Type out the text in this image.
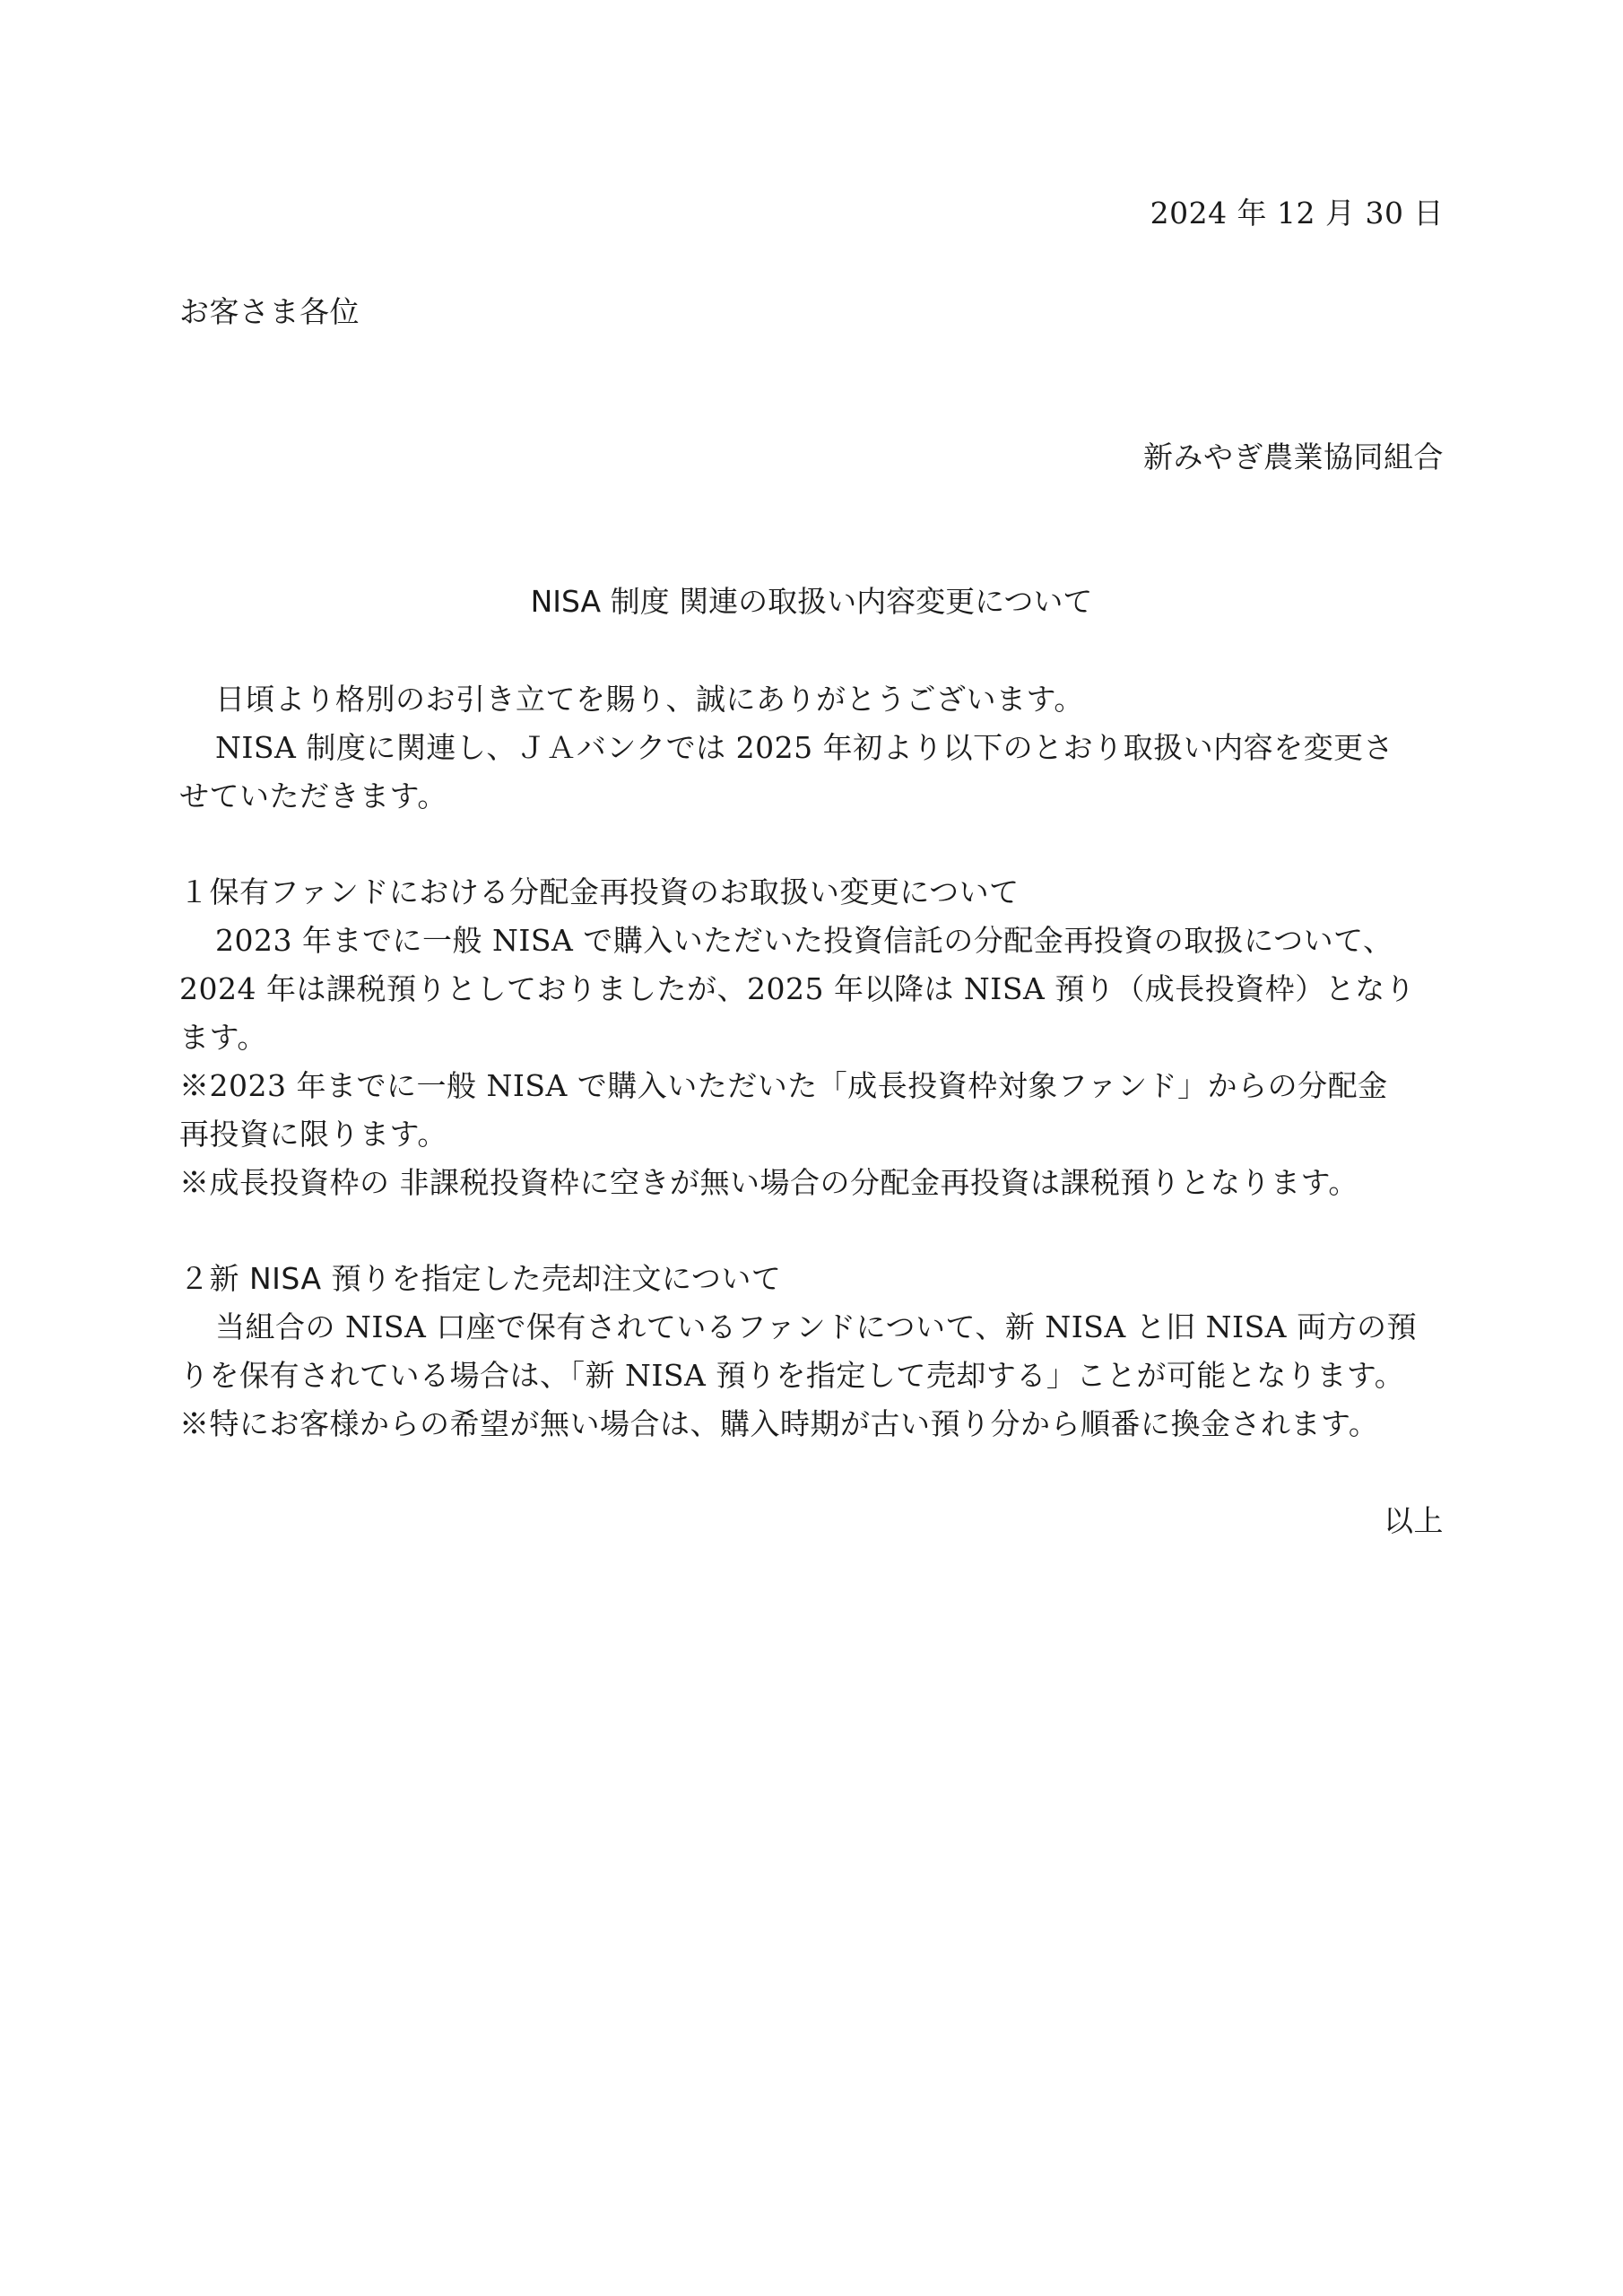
2024 年 12 月 30 日
お客さま各位
新みやぎ農業協同組合
NISA 制度 関連の取扱い内容変更について
日頃より格別のお引き立てを賜り、誠にありがとうございます。
NISA 制度に関連し、ＪＡバンクでは 2025 年初より以下のとおり取扱い内容を変更さ
せていただきます。
１保有ファンドにおける分配金再投資のお取扱い変更について
2023 年までに一般 NISA で購入いただいた投資信託の分配金再投資の取扱について、
2024 年は課税預りとしておりましたが、2025 年以降は NISA 預り（成長投資枠）となり
ます。
※2023 年までに一般 NISA で購入いただいた「成長投資枠対象ファンド」からの分配金
再投資に限ります。
※成長投資枠の 非課税投資枠に空きが無い場合の分配金再投資は課税預りとなります。
２新 NISA 預りを指定した売却注文について
当組合の NISA 口座で保有されているファンドについて、新 NISA と旧 NISA 両方の預
りを保有されている場合は、「新 NISA 預りを指定して売却する」ことが可能となります。
※特にお客様からの希望が無い場合は、購入時期が古い預り分から順番に換金されます。
以上
